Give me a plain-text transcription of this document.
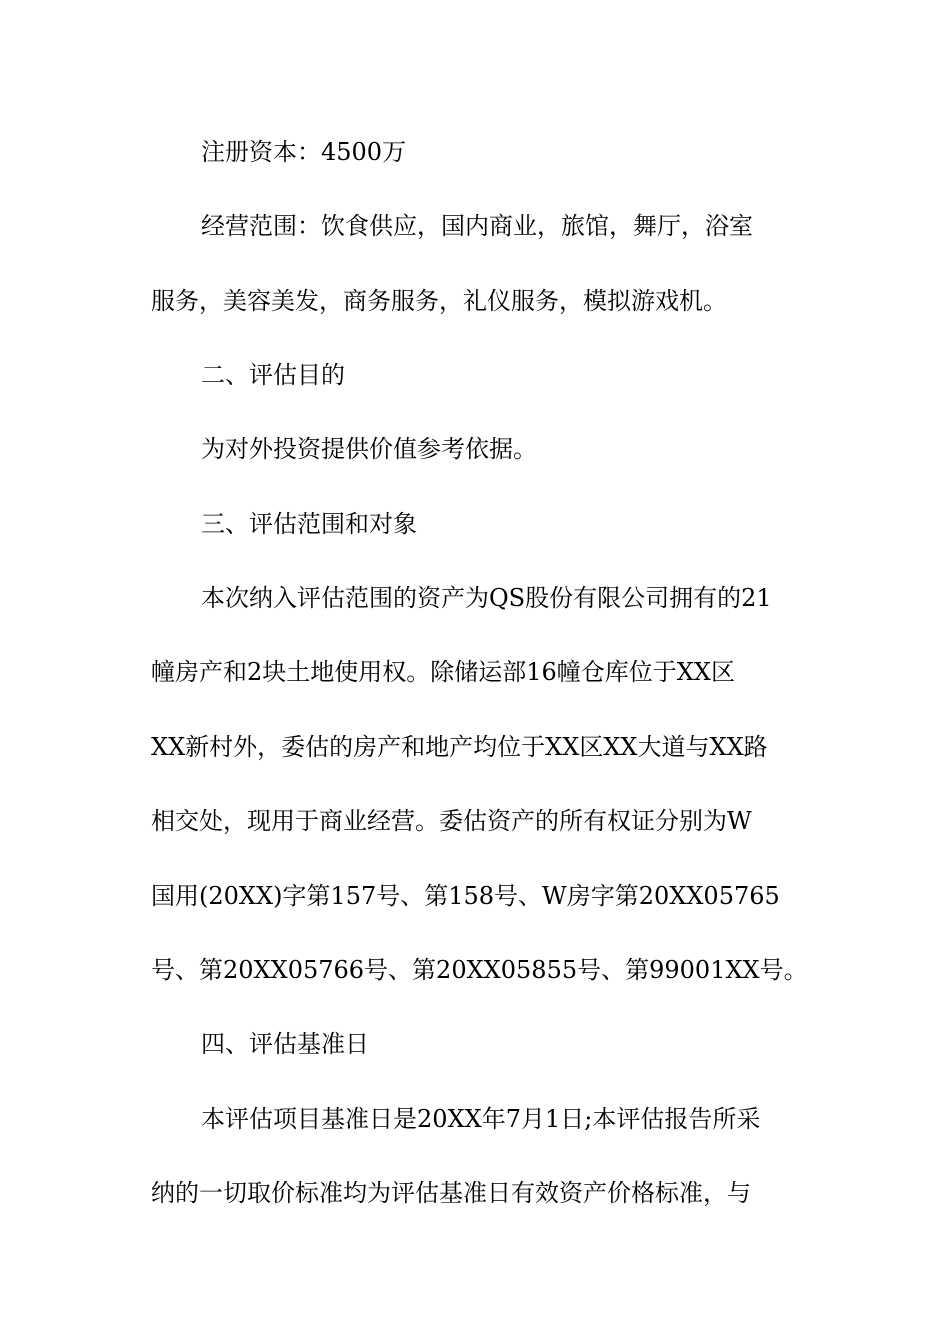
注册资本：4500万
经营范围：饮食供应，国内商业，旅馆，舞厅，浴室
服务，美容美发，商务服务，礼仪服务，模拟游戏机。
二、评估目的
为对外投资提供价值参考依据。
三、评估范围和对象
本次纳入评估范围的资产为QS股份有限公司拥有的21
幢房产和2块土地使用权。除储运部16幢仓库位于XX区
XX新村外，委估的房产和地产均位于XX区XX大道与XX路
相交处，现用于商业经营。委估资产的所有权证分别为W
国用(20XX)字第157号、第158号、W房字第20XX05765
号、第20XX05766号、第20XX05855号、第99001XX号。
四、评估基准日
本评估项目基准日是20XX年7月1日;本评估报告所采
纳的一切取价标准均为评估基准日有效资产价格标准，与
